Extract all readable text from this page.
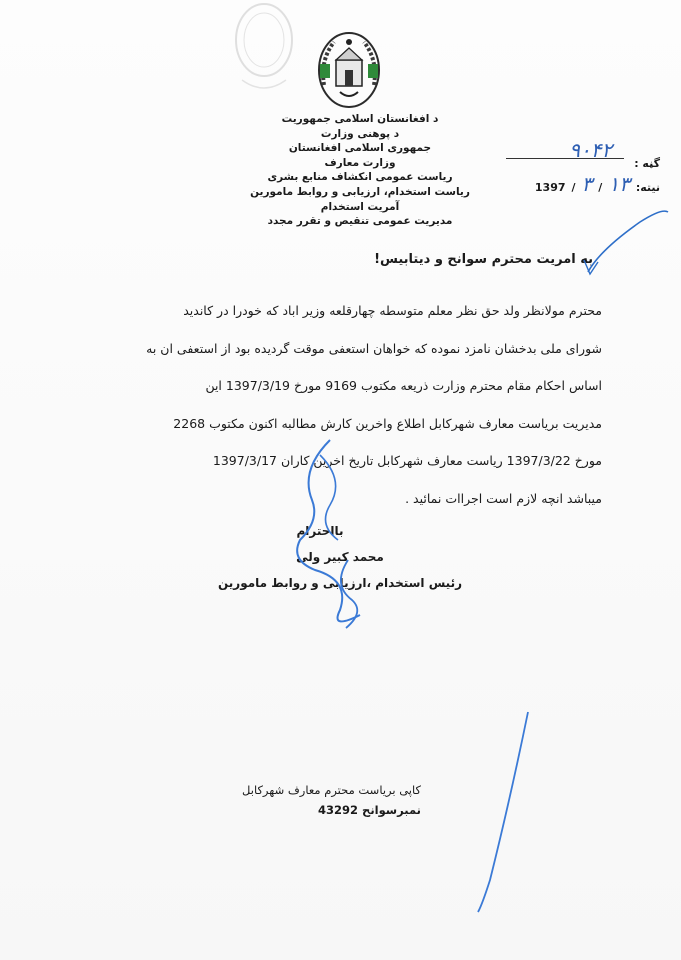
د افغانستان اسلامی جمهوریت
د پوهنی وزارت
جمهوری اسلامی افغانستان
وزارت معارف
ریاست عمومی انکشاف منابع بشری
ریاست استخدام، ارزیابی و روابط مامورین
آمریت استخدام
مدیریت عمومی تنقیص و تقرر مجدد
گڼه :
۹۰۴۲
نیته:
۱۳
/
۳
/
1397
به امریت محترم سوانح و دیتابیس!

محترم مولانظر ولد حق نظر معلم متوسطه چهارقلعه وزیر اباد که خودرا در کاندید

شورای ملی بدخشان نامزد نموده که خواهان استعفی موقت گردیده بود از استعفی ان به

اساس احکام مقام محترم وزارت ذریعه مکتوب 9169 مورخ 1397/3/19 این

مدیریت بریاست معارف شهرکابل اطلاع واخرین کارش مطالبه اکنون مکتوب 2268

مورخ 1397/3/22 ریاست معارف شهرکابل تاریخ اخرین کاران 1397/3/17

میباشد انچه لازم است اجراات نمائید .

بااحترام
محمد کبیر ولی
رئیس استخدام ،ارزیابی و روابط مامورین
کاپی بریاست محترم معارف شهرکابل
نمبرسوانح 43292
